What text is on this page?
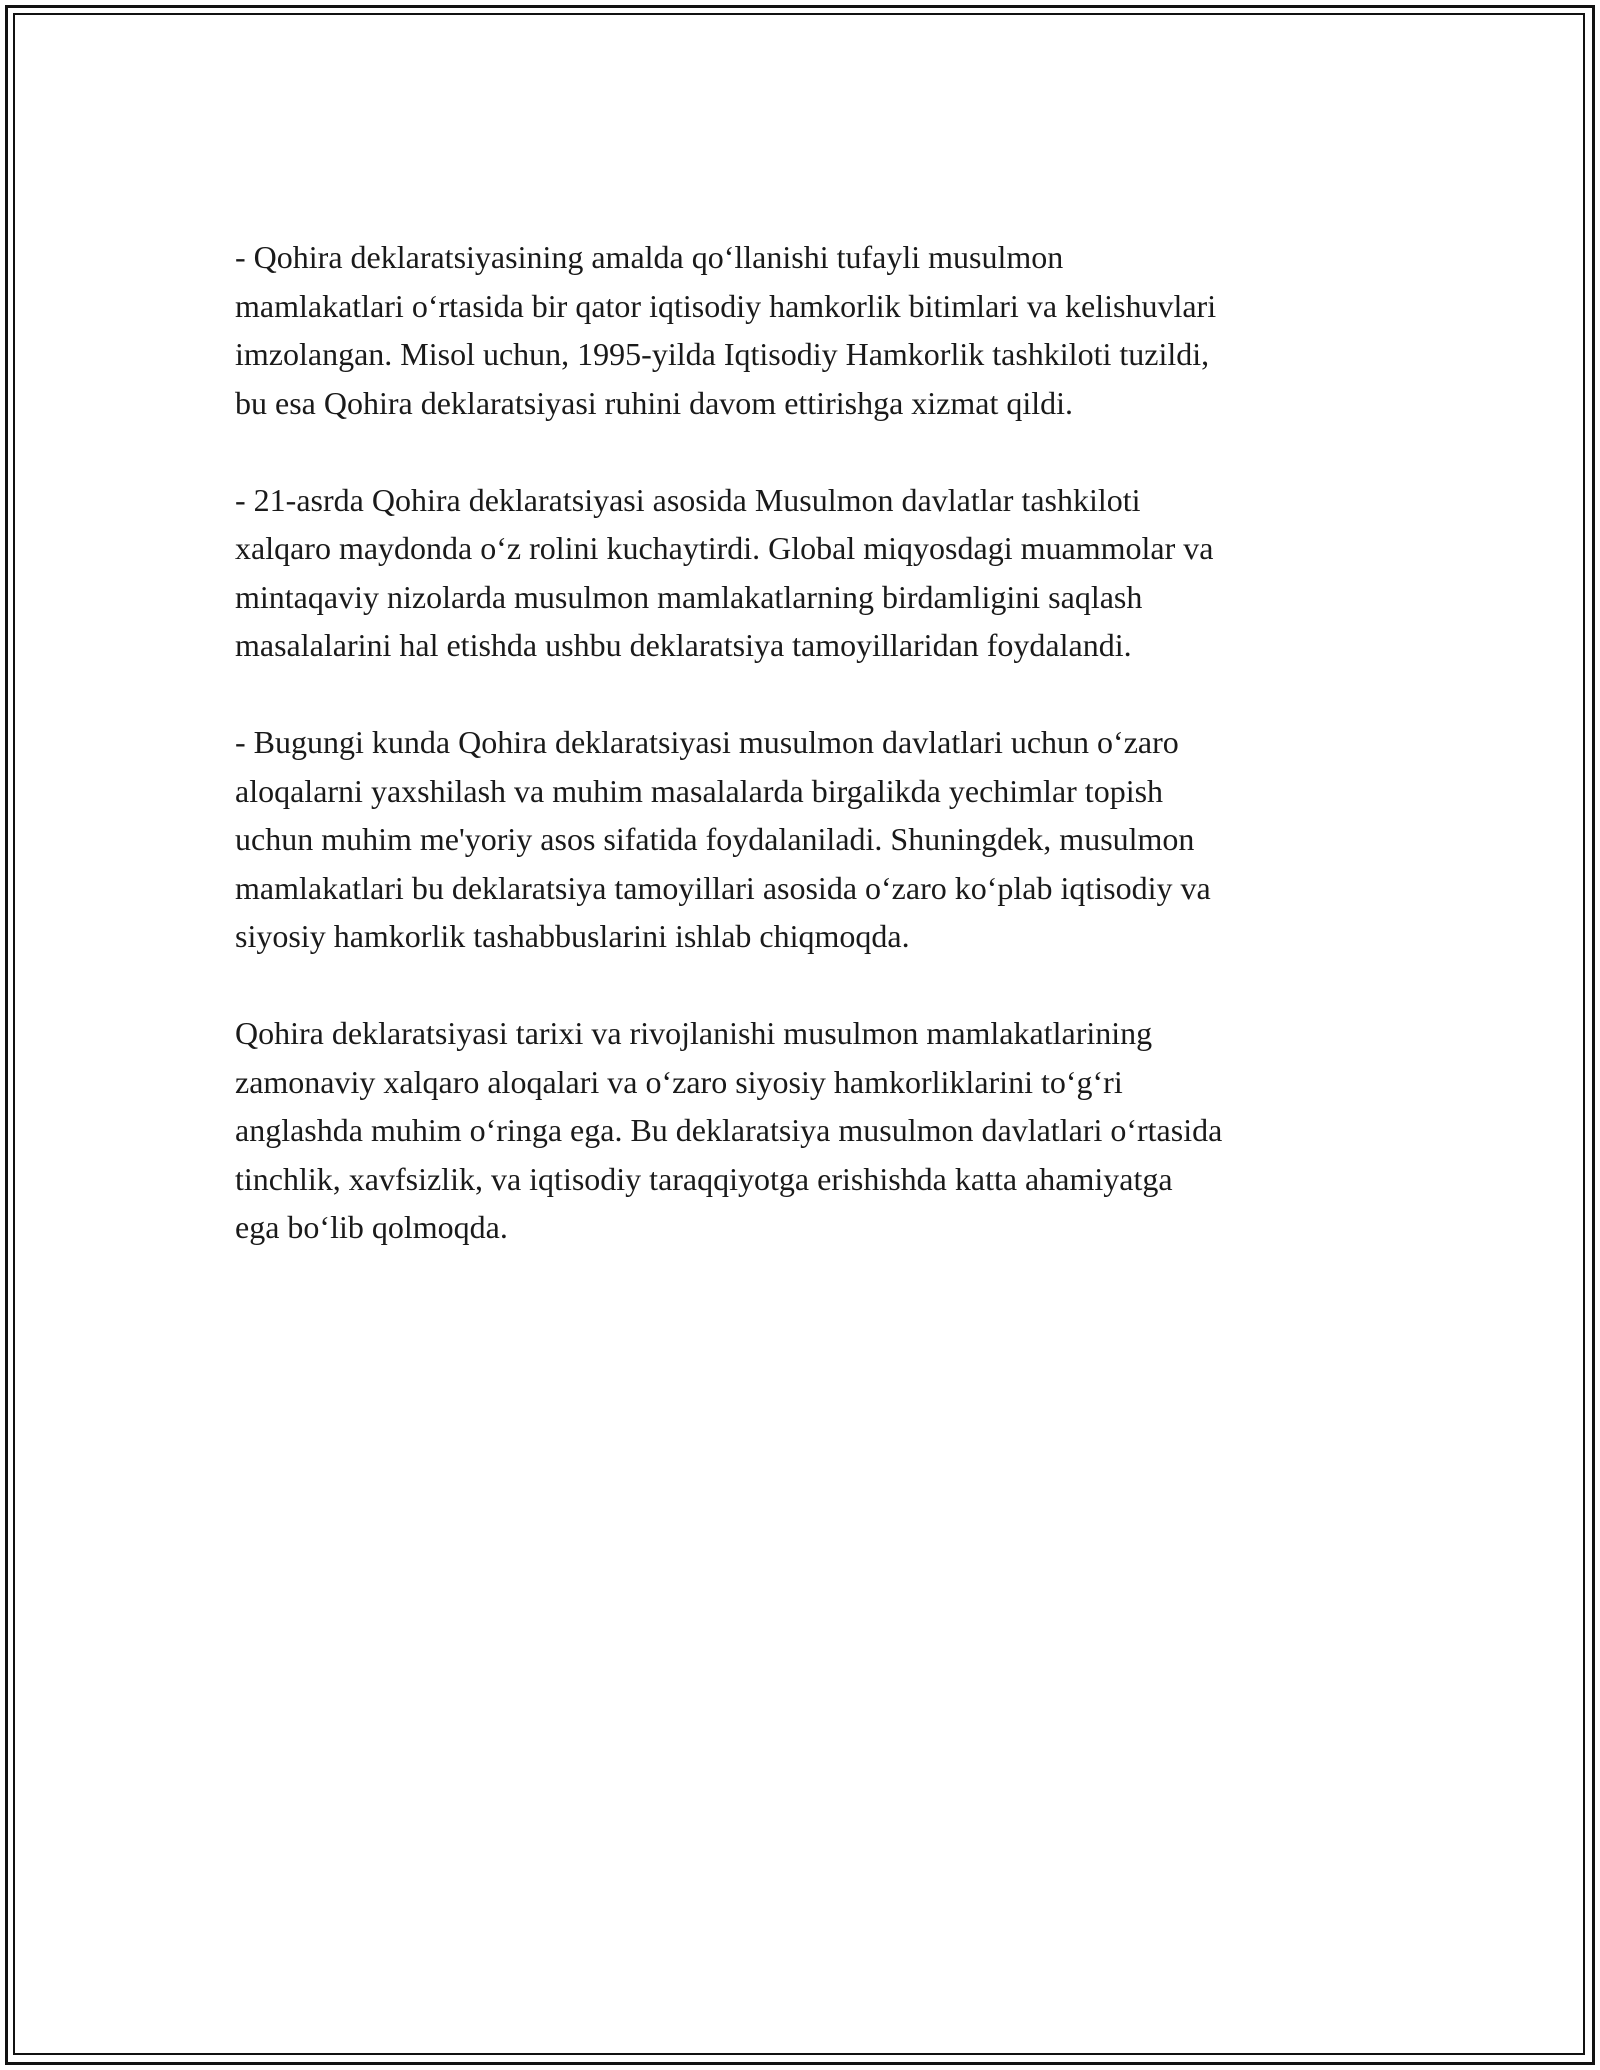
- Qohira deklaratsiyasining amalda qo‘llanishi tufayli musulmon
mamlakatlari o‘rtasida bir qator iqtisodiy hamkorlik bitimlari va kelishuvlari
imzolangan. Misol uchun, 1995-yilda Iqtisodiy Hamkorlik tashkiloti tuzildi,
bu esa Qohira deklaratsiyasi ruhini davom ettirishga xizmat qildi.

- 21-asrda Qohira deklaratsiyasi asosida Musulmon davlatlar tashkiloti
xalqaro maydonda o‘z rolini kuchaytirdi. Global miqyosdagi muammolar va
mintaqaviy nizolarda musulmon mamlakatlarning birdamligini saqlash
masalalarini hal etishda ushbu deklaratsiya tamoyillaridan foydalandi.

- Bugungi kunda Qohira deklaratsiyasi musulmon davlatlari uchun o‘zaro
aloqalarni yaxshilash va muhim masalalarda birgalikda yechimlar topish
uchun muhim me'yoriy asos sifatida foydalaniladi. Shuningdek, musulmon
mamlakatlari bu deklaratsiya tamoyillari asosida o‘zaro ko‘plab iqtisodiy va
siyosiy hamkorlik tashabbuslarini ishlab chiqmoqda.

Qohira deklaratsiyasi tarixi va rivojlanishi musulmon mamlakatlarining
zamonaviy xalqaro aloqalari va o‘zaro siyosiy hamkorliklarini to‘g‘ri
anglashda muhim o‘ringa ega. Bu deklaratsiya musulmon davlatlari o‘rtasida
tinchlik, xavfsizlik, va iqtisodiy taraqqiyotga erishishda katta ahamiyatga
ega bo‘lib qolmoqda.
